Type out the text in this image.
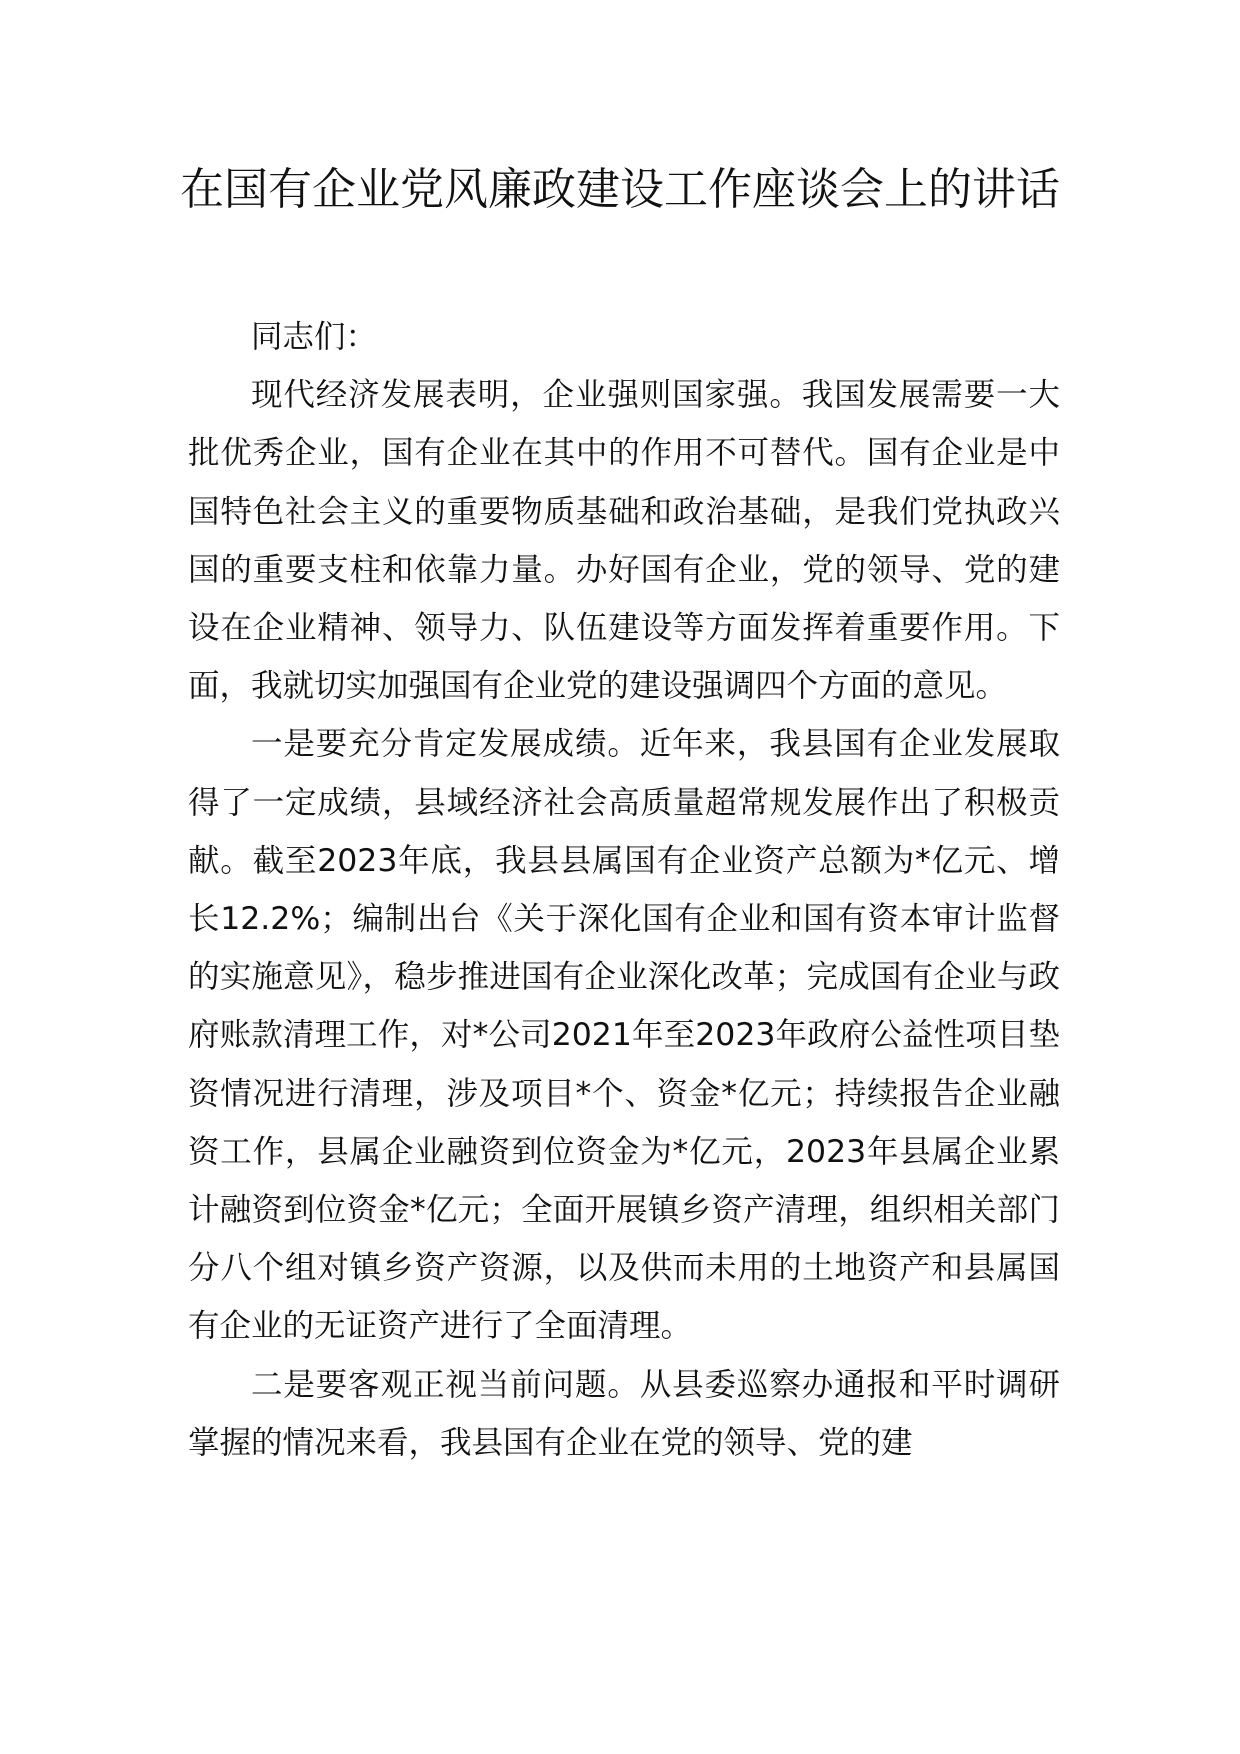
在国有企业党风廉政建设工作座谈会上的讲话

同志们：

现代经济发展表明，企业强则国家强。我国发展需要一大批优秀企业，国有企业在其中的作用不可替代。国有企业是中国特色社会主义的重要物质基础和政治基础，是我们党执政兴国的重要支柱和依靠力量。办好国有企业，党的领导、党的建设在企业精神、领导力、队伍建设等方面发挥着重要作用。下面，我就切实加强国有企业党的建设强调四个方面的意见。

一是要充分肯定发展成绩。近年来，我县国有企业发展取得了一定成绩，县域经济社会高质量超常规发展作出了积极贡献。截至2023年底，我县县属国有企业资产总额为*亿元、增长12.2%；编制出台《关于深化国有企业和国有资本审计监督的实施意见》，稳步推进国有企业深化改革；完成国有企业与政府账款清理工作，对*公司2021年至2023年政府公益性项目垫资情况进行清理，涉及项目*个、资金*亿元；持续报告企业融资工作，县属企业融资到位资金为*亿元，2023年县属企业累计融资到位资金*亿元；全面开展镇乡资产清理，组织相关部门分八个组对镇乡资产资源，以及供而未用的土地资产和县属国有企业的无证资产进行了全面清理。

二是要客观正视当前问题。从县委巡察办通报和平时调研掌握的情况来看，我县国有企业在党的领导、党的建
